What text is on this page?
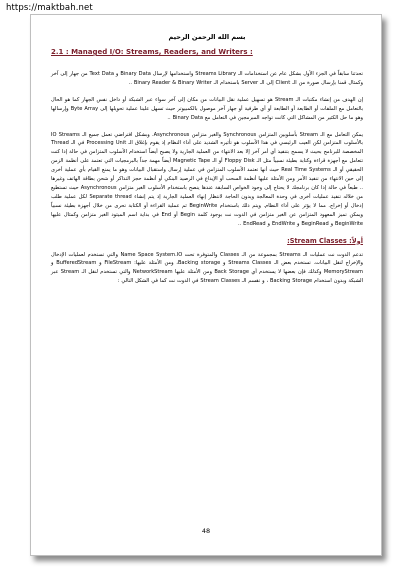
https://maktbah.net
بسم الله الرحمن الرحيم
2.1 : Managed I/O: Streams, Readers, and Writers :

تحدثنا سابقاً في الجزء الأول بشكل عام عن استخدامات الـ Streams Library واستخدامها لإرسال Binary Data و Text Data من جهاز إلى آخر وكمثال قمنا بإرسال صورة من الـ Client إلى الـ Server باستخدام الـ Binary Reader & Binary Writer ..

إن الهدف من إنشاء مكتبات الـ Stream هو تسهيل عملية نقل البيانات من مكان إلى آخر سواء عبر الشبكة أو داخل نفس الجهاز كما هو الحال بالتعامل مع الملفات أو الطابعة أو الطابعة أو أي طرفية أو جهاز آخر موصول بالكمبيوتر حيث تسهل علينا عملية تحويلها إلى Byte Array وإرسالها وهو ما حل الكثير من المشاكل التي كانت تواجه المبرمجين في التعامل مع Binary Data ..

يمكن التعامل مع الـ Stream بأسلوبين المتزامن Synchronous والغير متزامن Asynchronous. وبشكل افتراضي تعمل جميع الـ IO Streams بالأسلوب المتزامن لكن العيب الرئيسي في هذا الأسلوب هو تأثيره الشديد على أداء النظام إذ يقوم بإغلاق الـ Processing Unit في الـ Thread المخصصة للبرنامج بحيث لا يسمح بتنفيذ أي أمر آخر إلا بعد الانتهاء من العملية الجارية ولا يصبح أيضاً استخدام الأسلوب المتزامن في حالة إذا كنت تتعامل مع أجهزة قراءة وكتابة بطيئة نسبياً مثل الـ Floppy Disk أو الـ Magnetic Tape أيضاً مهمة جداً بالبرمجيات التي تعتمد على أنظمة الزمن الحقيقي أو الـ Real Time Systems حيث أنها تعتمد الأسلوب المتزامن في عملية إرسال واستقبال البيانات وهو ما يمنع القيام بأي عملية أخرى إلى حين الانتهاء من تنفيذ الأمر ومن الأمثلة عليها أنظمة السحب أو الإيداع في الرصيد البنكي أو أنظمة حجز التذاكر أو شحن بطاقة الهاتف وغيرها .. طبعاً في حالة إذا كان برنامجك لا يحتاج إلى وجود الخواص السابقة عندها ينصح باستخدام الأسلوب الغير متزامن Asynchronous حيث تستطيع من خلاله تنفيذ عمليات أخرى في وحدة المعالجة ويدون الحاجة لانتظار إنهاء العملية الجارية إذ يتم إنشاء Separate thread لكل عملية طلب إدخال أو إخراج. مما لا يؤثر على أداء النظام. ويتم ذلك باستخدام BeginWrite ثم عملية القراءة أو الكتابة تحرى من خلال أجهزة بطيئة نسبياً ويمكن تميز المعهود المتزامن عن الغير متزامن في الدوت نت بوجود كلمة Begin أو End في بداية اسم الميثود الغير متزامن وكمثال عليها BeginWrite و BeginRead و EndWrite و EndRead ..

أولاً: Stream Classes:

تدعم الدوت نت عمليات الـ Streams بمجموعة من الـ Classes والمتوفرة تحت Name Space System.IO والتي تستخدم لعمليات الإدخال والإخراج لنقل البيانات. تستخدم بعض الـ Streams Classes و Backing storage، ومن الأمثلة عليها: FileStream و BufferedStream و MemoryStream وكذلك فإن بعضها لا يستخدم أي Back Storage ومن الأمثلة عليها NetworkStream والتي تستخدم لنقل الـ Stream عبر الشبكة وبدون استخدام Backing Storage ، و تقسم الـ Stream Classes في الدوت نت كما في الشكل التالي :

48
